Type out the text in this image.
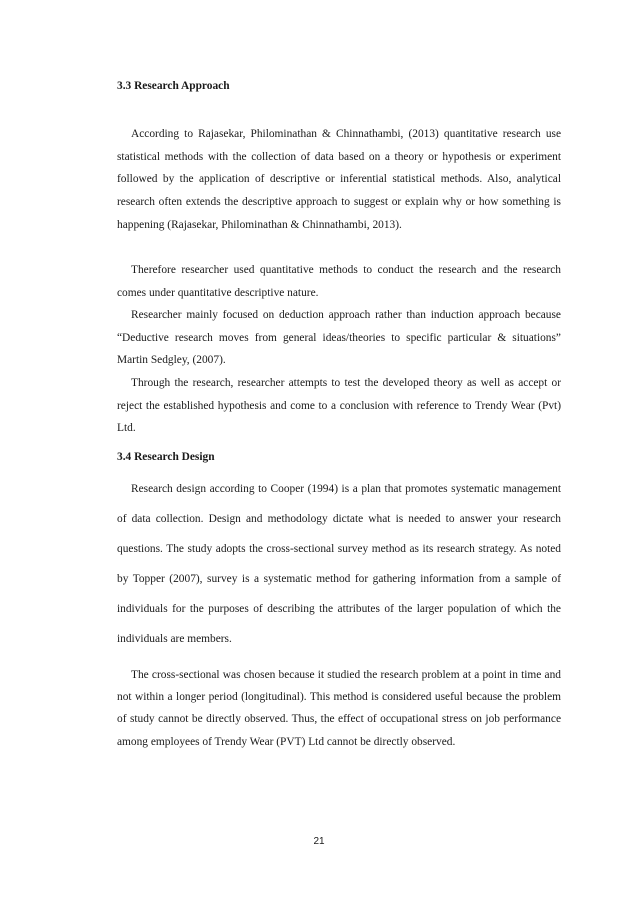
3.3 Research Approach

According to Rajasekar, Philominathan & Chinnathambi, (2013) quantitative research use statistical methods with the collection of data based on a theory or hypothesis or experiment followed by the application of descriptive or inferential statistical methods. Also, analytical research often extends the descriptive approach to suggest or explain why or how something is happening (Rajasekar, Philominathan & Chinnathambi, 2013).

Therefore researcher used quantitative methods to conduct the research and the research comes under quantitative descriptive nature.

Researcher mainly focused on deduction approach rather than induction approach because “Deductive research moves from general ideas/theories to specific particular & situations” Martin Sedgley, (2007).

Through the research, researcher attempts to test the developed theory as well as accept or reject the established hypothesis and come to a conclusion with reference to Trendy Wear (Pvt) Ltd.

3.4 Research Design

Research design according to Cooper (1994) is a plan that promotes systematic management of data collection. Design and methodology dictate what is needed to answer your research questions. The study adopts the cross-sectional survey method as its research strategy. As noted by Topper (2007), survey is a systematic method for gathering information from a sample of individuals for the purposes of describing the attributes of the larger population of which the individuals are members.

The cross-sectional was chosen because it studied the research problem at a point in time and not within a longer period (longitudinal). This method is considered useful because the problem of study cannot be directly observed. Thus, the effect of occupational stress on job performance among employees of Trendy Wear (PVT) Ltd cannot be directly observed.

21
